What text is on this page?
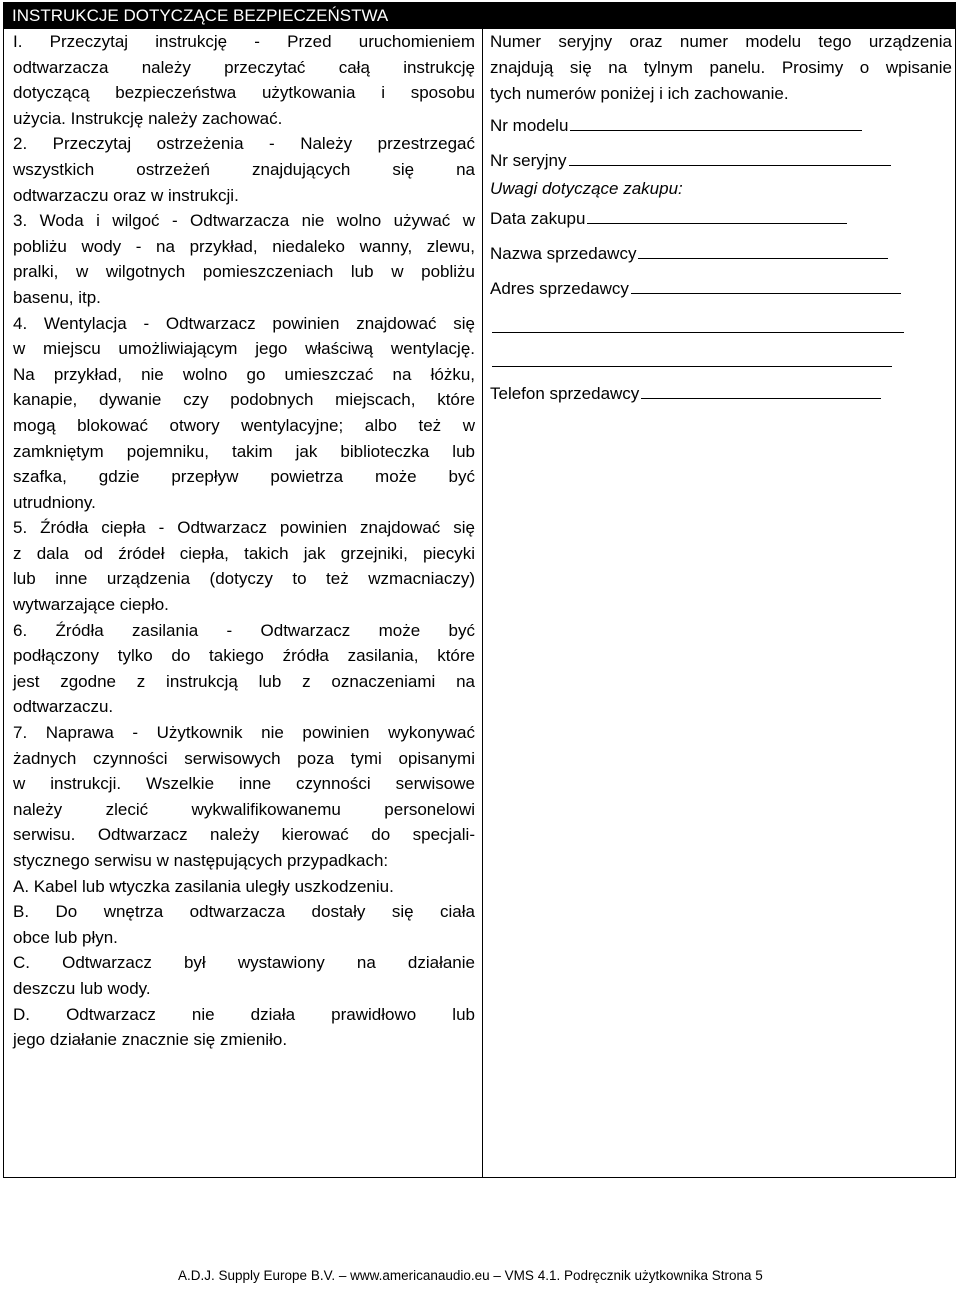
INSTRUKCJE DOTYCZĄCE BEZPIECZEŃSTWA

I. Przeczytaj instrukcję - Przed uruchomieniem

odtwarzacza należy przeczytać całą instrukcję

dotyczącą bezpieczeństwa użytkowania i sposobu

użycia. Instrukcję należy zachować.

2. Przeczytaj ostrzeżenia - Należy przestrzegać

wszystkich ostrzeżeń znajdujących się na

odtwarzaczu oraz w instrukcji.

3. Woda i wilgoć - Odtwarzacza nie wolno używać w

pobliżu wody - na przykład, niedaleko wanny, zlewu,

pralki, w wilgotnych pomieszczeniach lub w pobliżu

basenu, itp.

4. Wentylacja - Odtwarzacz powinien znajdować się

w miejscu umożliwiającym jego właściwą wentylację.

Na przykład, nie wolno go umieszczać na łóżku,

kanapie, dywanie czy podobnych miejscach, które

mogą blokować otwory wentylacyjne; albo też w

zamkniętym pojemniku, takim jak biblioteczka lub

szafka, gdzie przepływ powietrza może być

utrudniony.

5. Źródła ciepła - Odtwarzacz powinien znajdować się

z dala od źródeł ciepła, takich jak grzejniki, piecyki

lub inne urządzenia (dotyczy to też wzmacniaczy)

wytwarzające ciepło.

6. Źródła zasilania - Odtwarzacz może być

podłączony tylko do takiego źródła zasilania, które

jest zgodne z instrukcją lub z oznaczeniami na

odtwarzaczu.

7. Naprawa - Użytkownik nie powinien wykonywać

żadnych czynności serwisowych poza tymi opisanymi

w instrukcji. Wszelkie inne czynności serwisowe

należy zlecić wykwalifikowanemu personelowi

serwisu. Odtwarzacz należy kierować do specjali-

stycznego serwisu w następujących przypadkach:

A. Kabel lub wtyczka zasilania uległy uszkodzeniu.

B. Do wnętrza odtwarzacza dostały się ciała

obce lub płyn.

C. Odtwarzacz był wystawiony na działanie

deszczu lub wody.

D. Odtwarzacz nie działa prawidłowo lub

jego działanie znacznie się zmieniło.

Numer seryjny oraz numer modelu tego urządzenia
znajdują się na tylnym panelu. Prosimy o wpisanie
tych numerów poniżej i ich zachowanie.
Nr modelu
Nr seryjny
Uwagi dotyczące zakupu:
Data zakupu
Nazwa sprzedawcy
Adres sprzedawcy
Telefon sprzedawcy
A.D.J. Supply Europe B.V. – www.americanaudio.eu – VMS 4.1. Podręcznik użytkownika Strona 5
